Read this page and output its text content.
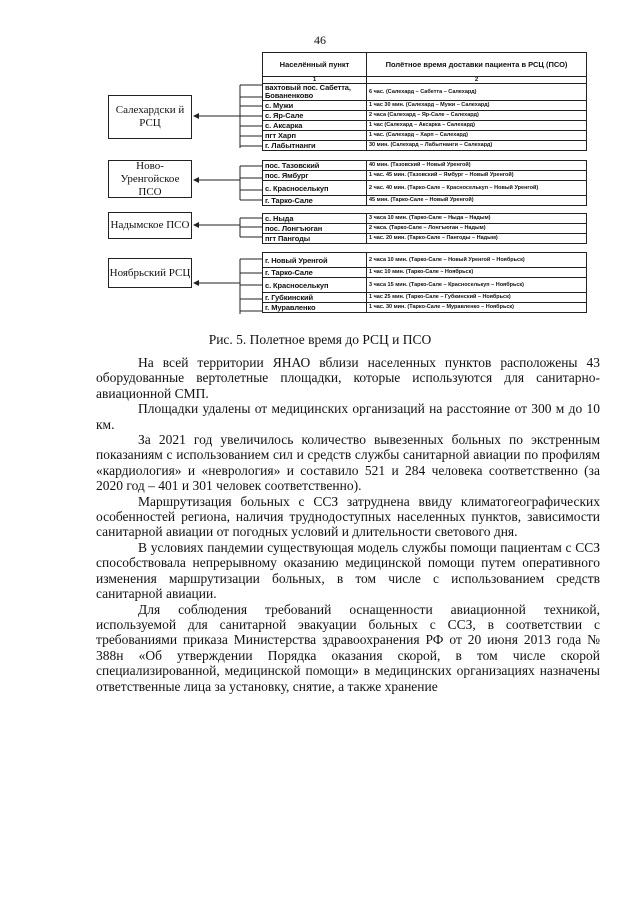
46
Салехардски й РСЦ
Ново-Уренгойское ПСО
Надымское ПСО
Ноябрьский РСЦ
Населённый пункт	Полётное время доставки пациента в РСЦ (ПСО)
1	2
вахтовый пос. Сабетта, Бованенково	6 час. (Салехард – Сабетта – Салехард)
с. Мужи	1 час 30 мин. (Салехард – Мужи – Салехард)
с. Яр-Сале	2 часа (Салехард – Яр-Сале – Салехард)
с. Аксарка	1 час (Салехард – Аксарка – Салехард)
пгт Харп	1 час. (Салехард – Харп – Салехард)
г. Лабытнанги	30 мин. (Салехард – Лабытнанги – Салехард)
пос. Тазовский	40 мин. (Тазовский – Новый Уренгой)
пос. Ямбург	1 час. 45 мин. (Тазовский – Ямбург – Новый Уренгой)
с. Красноселькуп	2 час. 40 мин. (Тарко-Сале – Красноселькуп – Новый Уренгой)
г. Тарко-Сале	45 мин. (Тарко-Сале – Новый Уренгой)
с. Ныда	3 часа 10 мин. (Тарко-Сале – Ныда – Надым)
пос. Лонгъюган	2 часа. (Тарко-Сале – Лонгъюган – Надым)
пгт Пангоды	1 час. 20 мин. (Тарко-Сале – Пангоды – Надым)
г. Новый Уренгой	2 часа 10 мин. (Тарко-Сале – Новый Уренгой – Ноябрьск)
г. Тарко-Сале	1 час 10 мин. (Тарко-Сале – Ноябрьск)
с. Красноселькуп	3 часа 15 мин. (Тарко-Сале – Красноселькуп – Ноябрьск)
г. Губкинский	1 час 25 мин. (Тарко-Сале – Губкинский – Ноябрьск)
г. Муравленко	1 час. 30 мин. (Тарко-Сале – Муравленко – Ноябрьск)
Рис. 5. Полетное время до РСЦ и ПСО

На всей территории ЯНАО вблизи населенных пунктов расположены 43 оборудованные вертолетные площадки, которые используются для санитарно-авиационной СМП.

Площадки удалены от медицинских организаций на расстояние от 300 м до 10 км.

За 2021 год увеличилось количество вывезенных больных по экстренным показаниям с использованием сил и средств службы санитарной авиации по профилям «кардиология» и «неврология» и составило 521 и 284 человека соответственно (за 2020 год – 401 и 301 человек соответственно).

Маршрутизация больных с ССЗ затруднена ввиду климатогеографических особенностей региона, наличия труднодоступных населенных пунктов, зависимости санитарной авиации от погодных условий и длительности светового дня.

В условиях пандемии существующая модель службы помощи пациентам с ССЗ способствовала непрерывному оказанию медицинской помощи путем оперативного изменения маршрутизации больных, в том числе с использованием средств санитарной авиации.

Для соблюдения требований оснащенности авиационной техникой, используемой для санитарной эвакуации больных с ССЗ, в соответствии с требованиями приказа Министерства здравоохранения РФ от 20 июня 2013 года № 388н «Об утверждении Порядка оказания скорой, в том числе скорой специализированной, медицинской помощи» в медицинских организациях назначены ответственные лица за установку, снятие, а также хранение
